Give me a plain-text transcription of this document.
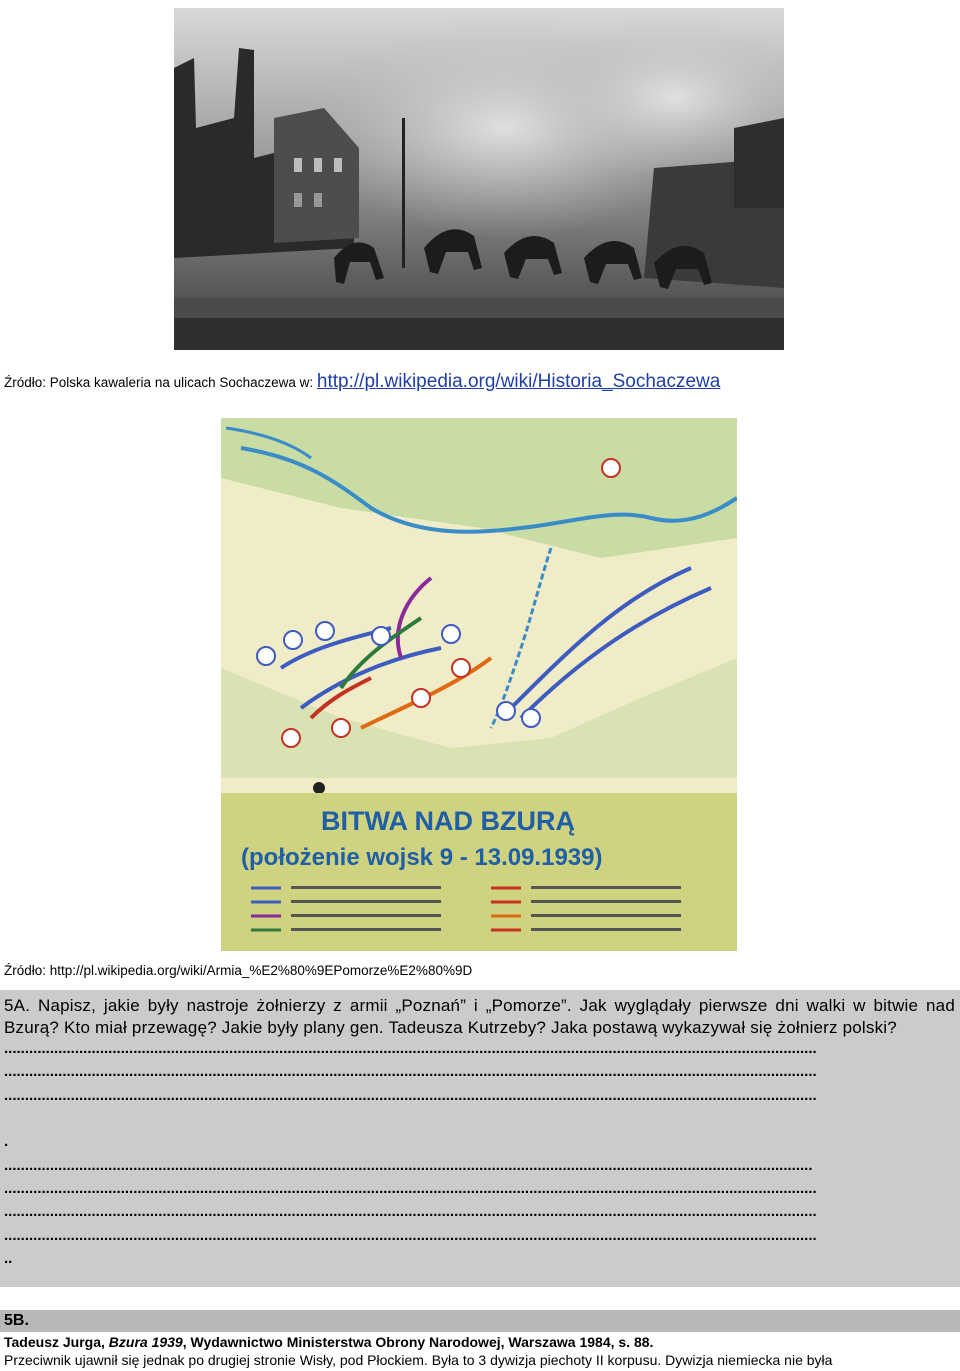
Źródło: Polska kawaleria na ulicach Sochaczewa w: http://pl.wikipedia.org/wiki/Historia_Sochaczewa
BITWA NAD BZURĄ
(położenie wojsk 9 - 13.09.1939)
Źródło: http://pl.wikipedia.org/wiki/Armia_%E2%80%9EPomorze%E2%80%9D
5A. Napisz, jakie były nastroje żołnierzy z armii „Poznań” i „Pomorze”. Jak wyglądały pierwsze dni walki w bitwie nad Bzurą? Kto miał przewagę? Jakie były plany gen. Tadeusza Kutrzeby? Jaka postawą wykazywał się żołnierz polski?
...................................................................................................................................................................................................
...................................................................................................................................................................................................
...................................................................................................................................................................................................
.
..................................................................................................................................................................................................
...................................................................................................................................................................................................
...................................................................................................................................................................................................
...................................................................................................................................................................................................
..
5B.
Tadeusz Jurga, Bzura 1939, Wydawnictwo Ministerstwa Obrony Narodowej, Warszawa 1984, s. 88.
Przeciwnik ujawnił się jednak po drugiej stronie Wisły, pod Płockiem. Była to 3 dywizja piechoty II korpusu. Dywizja niemiecka nie była
